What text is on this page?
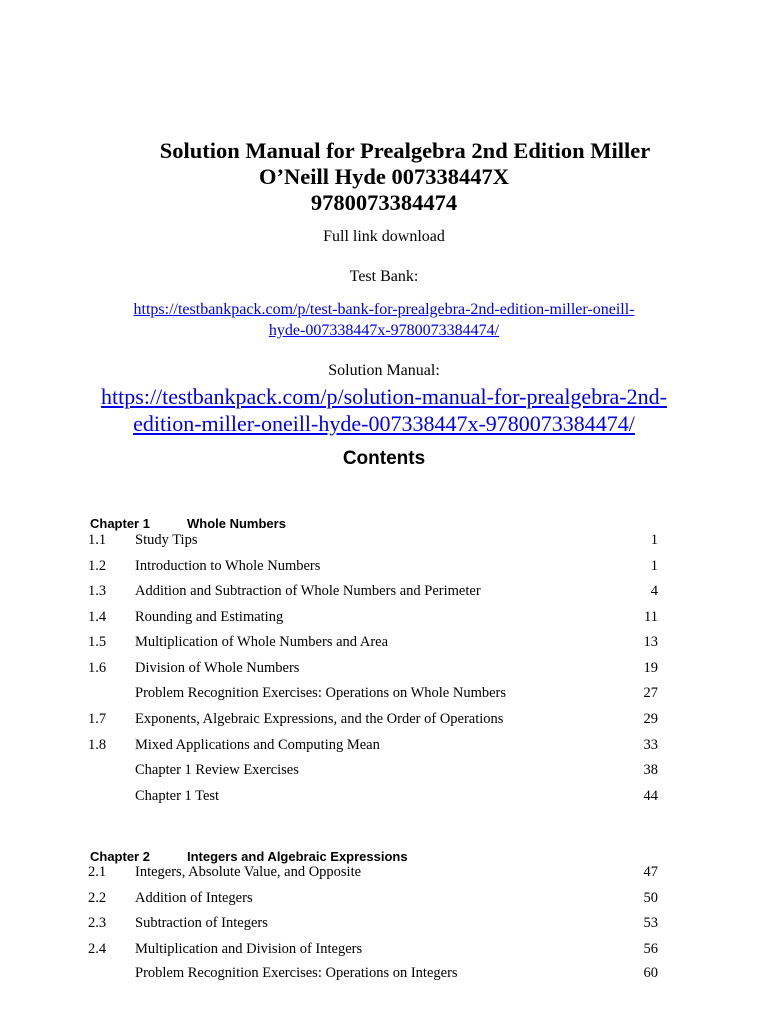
Solution Manual for Prealgebra 2nd Edition Miller
O’Neill Hyde 007338447X
9780073384474
Full link download
Test Bank:
https://testbankpack.com/p/test-bank-for-prealgebra-2nd-edition-miller-oneill-
hyde-007338447x-9780073384474/
Solution Manual:
https://testbankpack.com/p/solution-manual-for-prealgebra-2nd-
edition-miller-oneill-hyde-007338447x-9780073384474/
Contents
Chapter 1	Whole Numbers
1.1 Study Tips	1
1.2 Introduction to Whole Numbers	1
1.3 Addition and Subtraction of Whole Numbers and Perimeter	4
1.4 Rounding and Estimating	11
1.5 Multiplication of Whole Numbers and Area	13
1.6 Division of Whole Numbers	19
Problem Recognition Exercises: Operations on Whole Numbers	27
1.7 Exponents, Algebraic Expressions, and the Order of Operations	29
1.8 Mixed Applications and Computing Mean	33
Chapter 1 Review Exercises	38
Chapter 1 Test	44
Chapter 2	Integers and Algebraic Expressions
2.1 Integers, Absolute Value, and Opposite	47
2.2 Addition of Integers	50
2.3 Subtraction of Integers	53
2.4 Multiplication and Division of Integers	56
Problem Recognition Exercises: Operations on Integers	60
